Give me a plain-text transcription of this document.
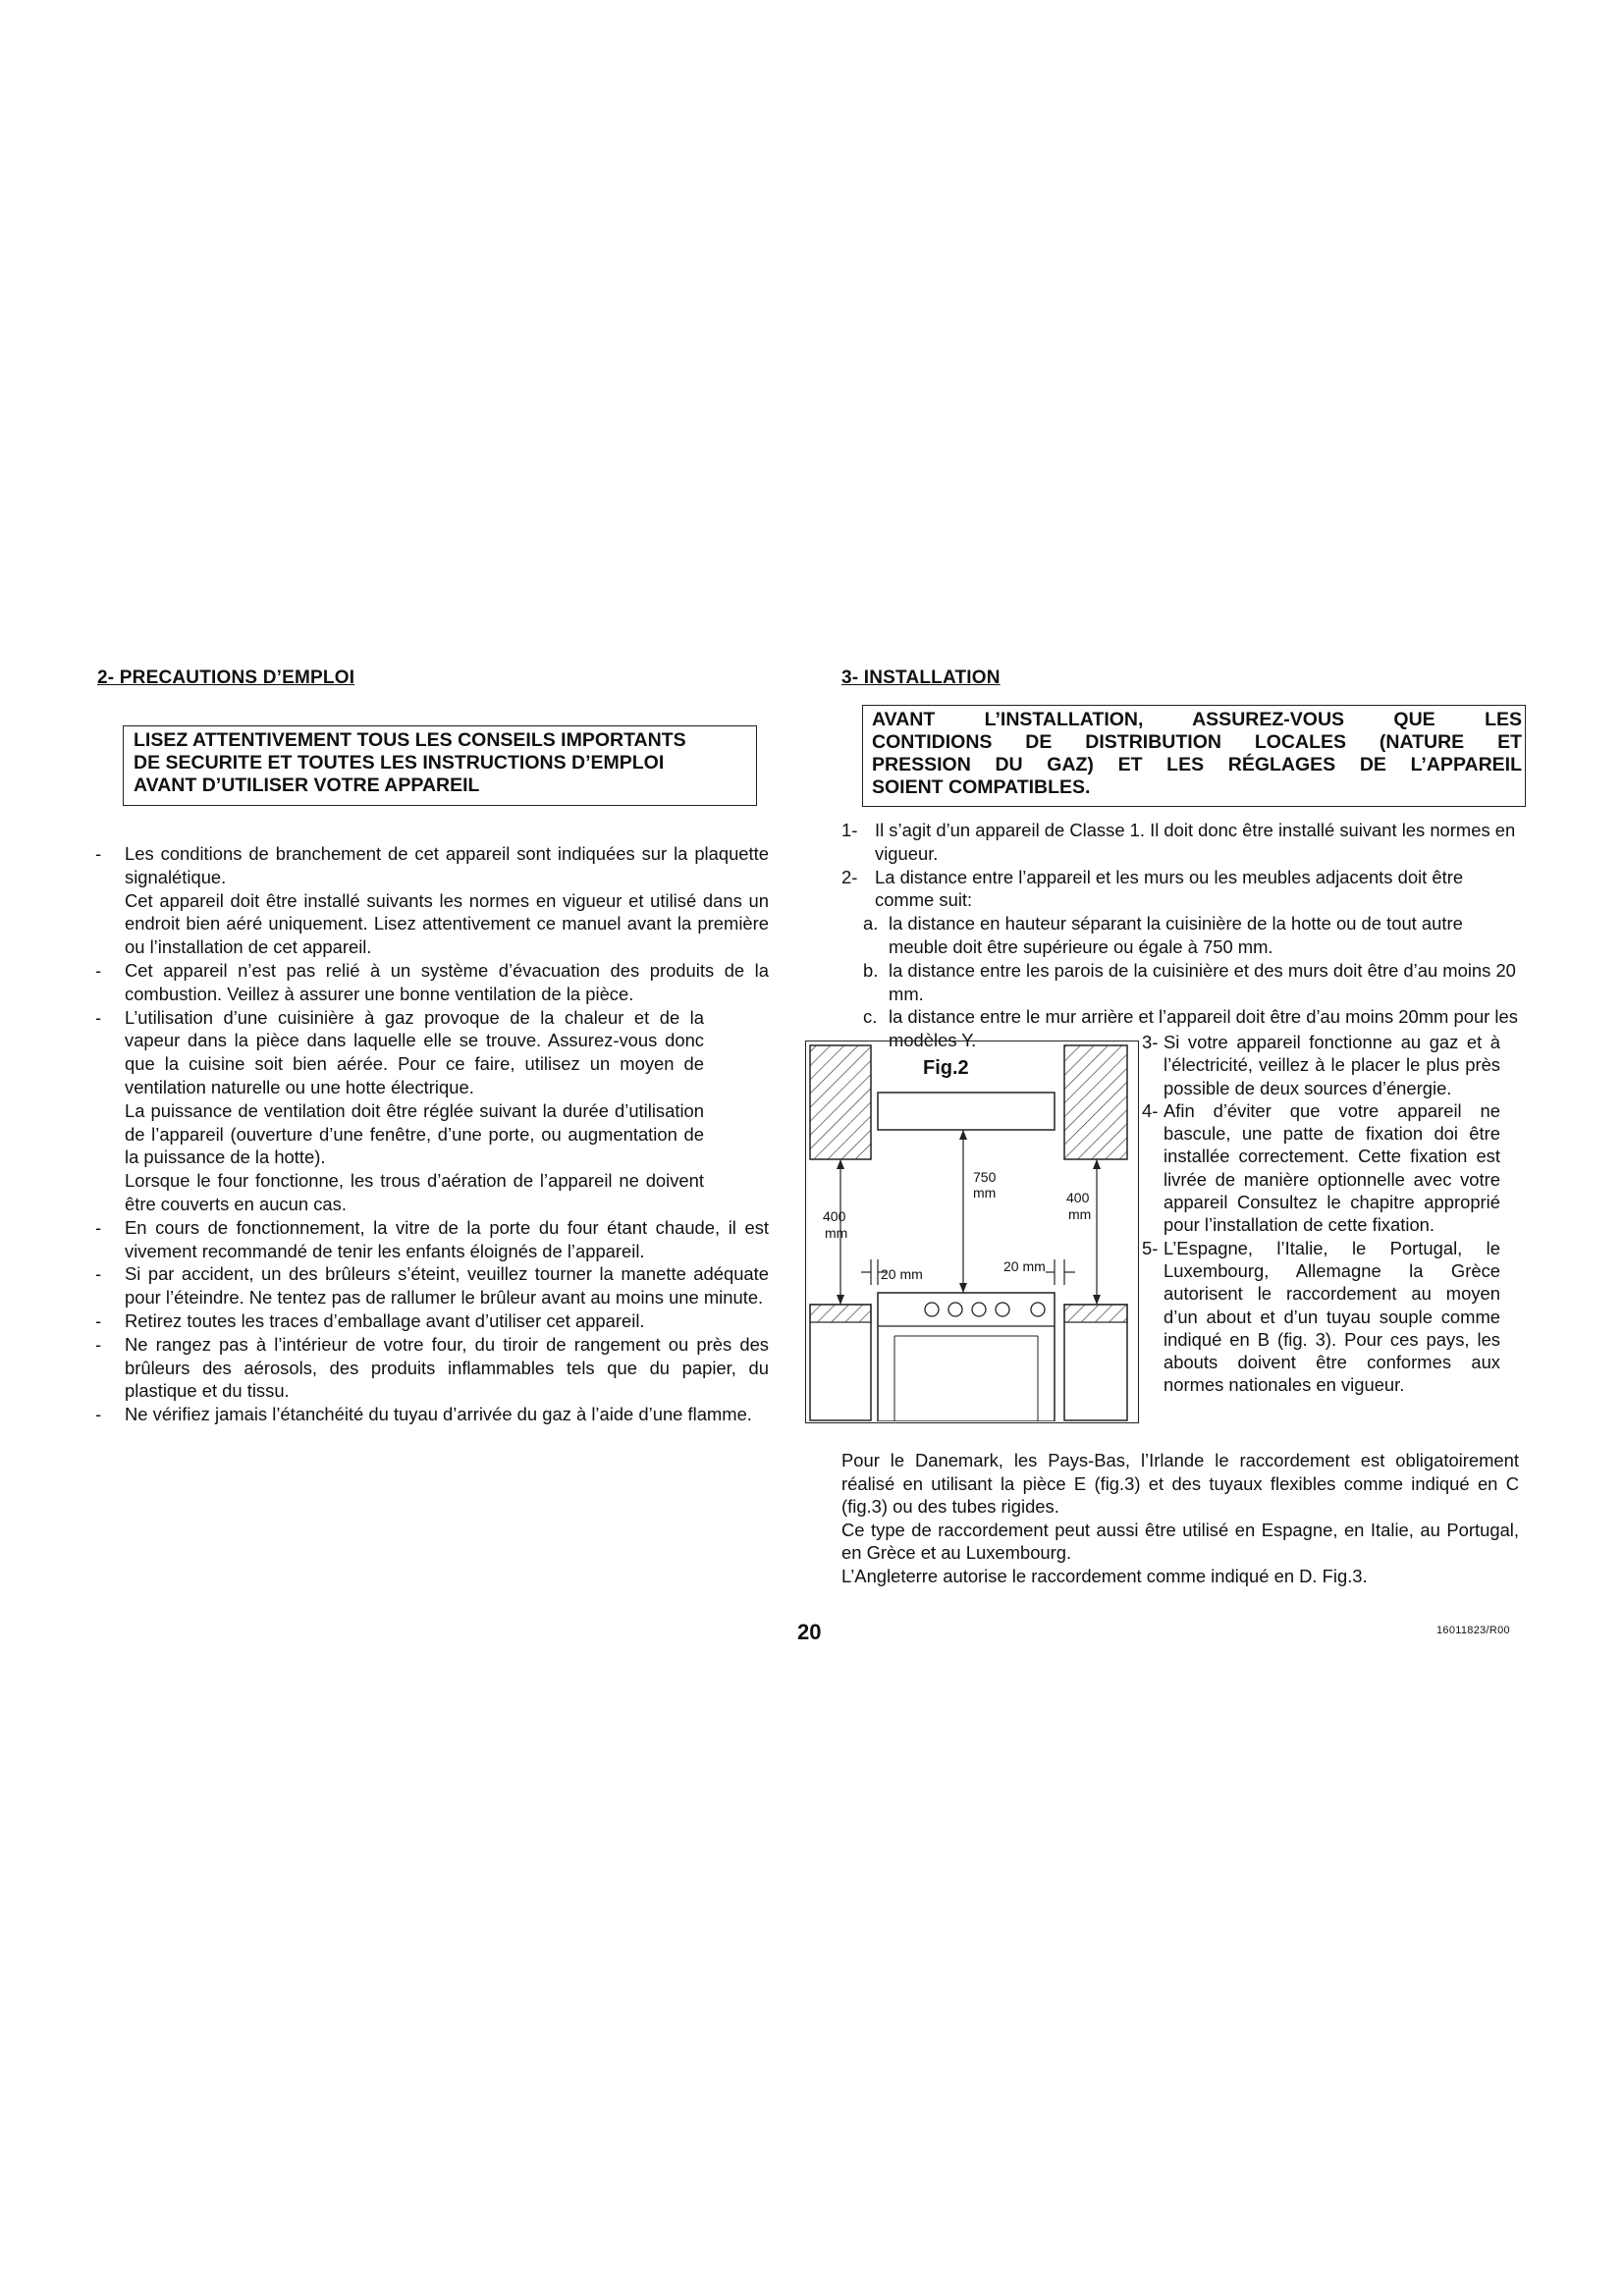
2- PRECAUTIONS D’EMPLOI
LISEZ ATTENTIVEMENT TOUS LES CONSEILS IMPORTANTS
DE SECURITE ET TOUTES LES INSTRUCTIONS D’EMPLOI
AVANT D’UTILISER VOTRE APPAREIL
-	Les conditions de branchement de cet appareil sont indiquées sur la plaquette signalétique.
Cet appareil doit être installé suivants les normes en vigueur et utilisé dans un endroit bien aéré uniquement. Lisez attentivement ce manuel avant la première ou l’installation de cet appareil.
-	Cet appareil n’est pas relié à un système d’évacuation des produits de la combustion. Veillez à assurer une bonne ventilation de la pièce.
-	L’utilisation d’une cuisinière à gaz provoque de la chaleur et de la vapeur dans la pièce dans laquelle elle se trouve. Assurez-vous donc que la cuisine soit bien aérée. Pour ce faire, utilisez un moyen de ventilation naturelle ou une hotte électrique.
La puissance de ventilation doit être réglée suivant la durée d’utilisation de l’appareil (ouverture d’une fenêtre, d’une porte, ou augmentation de la puissance de la hotte).
Lorsque le four fonctionne, les trous d’aération de l’appareil ne doivent être couverts en aucun cas.
-	En cours de fonctionnement, la vitre de la porte du four étant chaude, il est vivement recommandé de tenir les enfants éloignés de l’appareil.
-	Si par accident, un des brûleurs s’éteint, veuillez tourner la manette adéquate pour l’éteindre. Ne tentez pas de rallumer le brûleur avant au moins une minute.
-	Retirez toutes les traces d’emballage avant d’utiliser cet appareil.
-	Ne rangez pas à l’intérieur de votre four, du tiroir de rangement ou près des brûleurs des aérosols, des produits inflammables tels que du papier, du plastique et du tissu.
-	Ne vérifiez jamais l’étanchéité du tuyau d’arrivée du gaz à l’aide d’une flamme.
3- INSTALLATION
AVANT L’INSTALLATION, ASSUREZ-VOUS QUE LES
CONTIDIONS DE DISTRIBUTION LOCALES (NATURE ET
PRESSION DU GAZ) ET LES RÉGLAGES DE L’APPAREIL
SOIENT COMPATIBLES.
1- Il s’agit d’un appareil de Classe 1. Il doit donc être installé suivant les normes en vigueur.
2- La distance entre l’appareil et les murs ou les meubles adjacents doit être comme suit:
a. la distance en hauteur séparant la cuisinière de la hotte ou de tout autre meuble doit être supérieure ou égale à 750 mm.
b. la distance entre les parois de la cuisinière et des murs doit être d’au moins 20 mm.
c. la distance entre le mur arrière et l’appareil doit être d’au moins 20mm pour les modèles Y.
Fig.2
750
mm
400
mm
400
mm
20 mm	20 mm
3- Si votre appareil fonctionne au gaz et à l’électricité, veillez à le placer le plus près possible de deux sources d’énergie.
4- Afin d’éviter que votre appareil ne bascule, une patte de fixation doi être installée correctement. Cette fixation est livrée de manière optionnelle avec votre appareil Consultez le chapitre approprié pour l’installation de cette fixation.
5- L’Espagne, l’Italie, le Portugal, le Luxembourg, Allemagne la Grèce autorisent le raccordement au moyen d’un about et d’un tuyau souple comme indiqué en B (fig. 3). Pour ces pays, les abouts doivent être conformes aux normes nationales en vigueur.
Pour le Danemark, les Pays-Bas, l’Irlande le raccordement est obligatoirement réalisé en utilisant la pièce E (fig.3) et des tuyaux flexibles comme indiqué en C (fig.3) ou des tubes rigides.
Ce type de raccordement peut aussi être utilisé en Espagne, en Italie, au Portugal, en Grèce et au Luxembourg.
L’Angleterre autorise le raccordement comme indiqué en D. Fig.3.
20	16011823/R00
